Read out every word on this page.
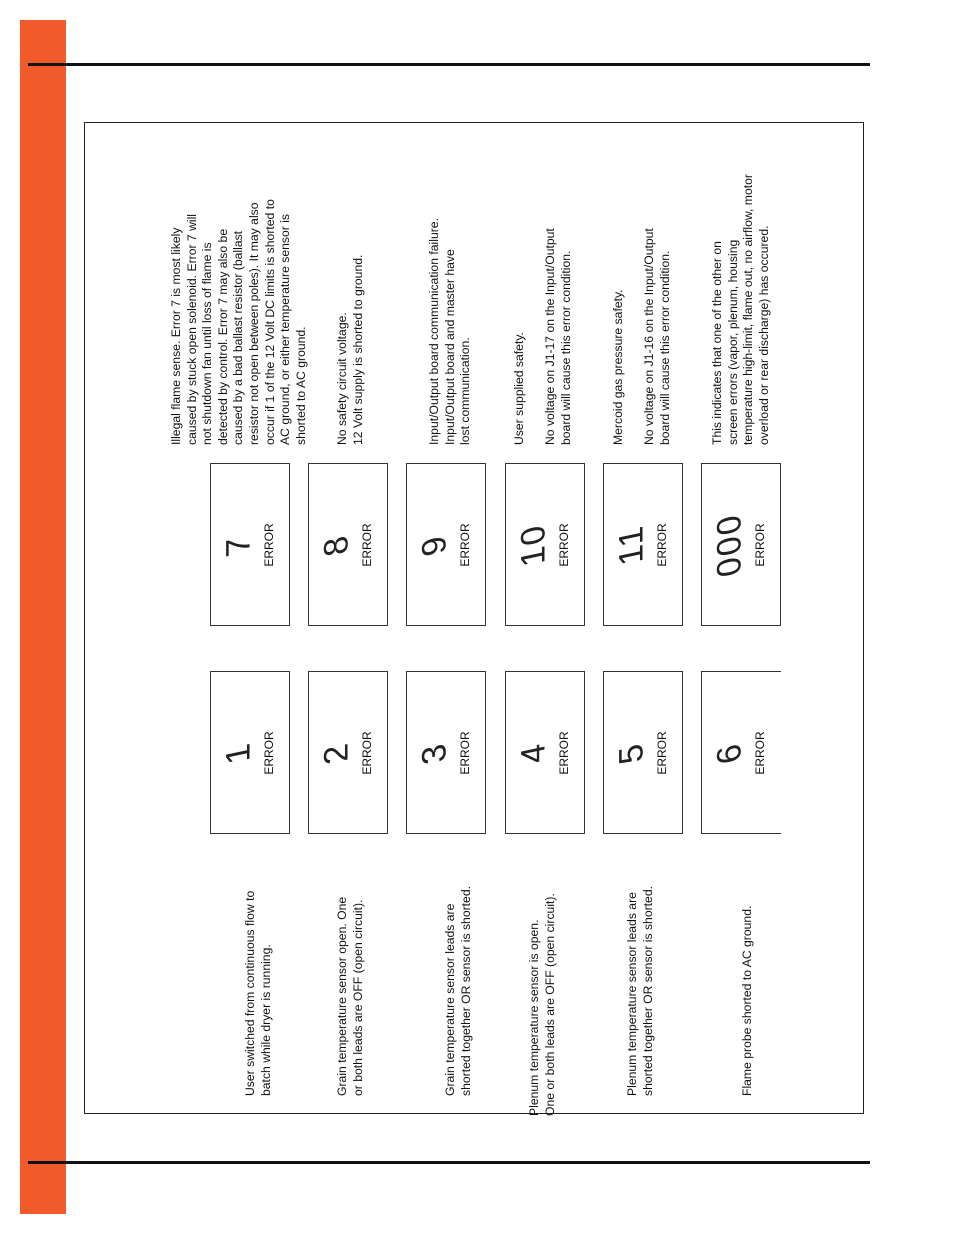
User switched from continuous flow to
batch while dryer is running.
Grain temperature sensor open. One
or both leads are OFF (open circuit).
Grain temperature sensor leads are
shorted together OR sensor is shorted.
Plenum temperature sensor is open.
One or both leads are OFF (open circuit).
Plenum temperature sensor leads are
shorted together OR sensor is shorted.	Flame probe shorted to AC ground.
1 ERROR 2 ERROR 3 ERROR 4 ERROR 5 ERROR 6 ERROR
7 ERROR 8 ERROR 9 ERROR 10 ERROR 11 ERROR 000 ERROR
Illegal flame sense. Error 7 is most likely
caused by stuck open solenoid. Error 7 will
not shutdown fan until loss of flame is
detected by control. Error 7 may also be
caused by a bad ballast resistor (ballast
resistor not open between poles). It may also
occur if 1 of the 12 Volt DC limits is shorted to
AC ground, or either temperature sensor is
shorted to AC ground.
No safety circuit voltage.
12 Volt supply is shorted to ground.
Input/Output board communication failure.
Input/Output board and master have
lost communication.
User supplied safety.

No voltage on J1-17 on the Input/Output
board will cause this error condition.
Mercoid gas pressure safety.

No voltage on J1-16 on the Input/Output
board will cause this error condition.
This indicates that one of the other on
screen errors (vapor, plenum, housing
temperature high-limit, flame out, no airflow, motor
overload or rear discharge) has occured.
